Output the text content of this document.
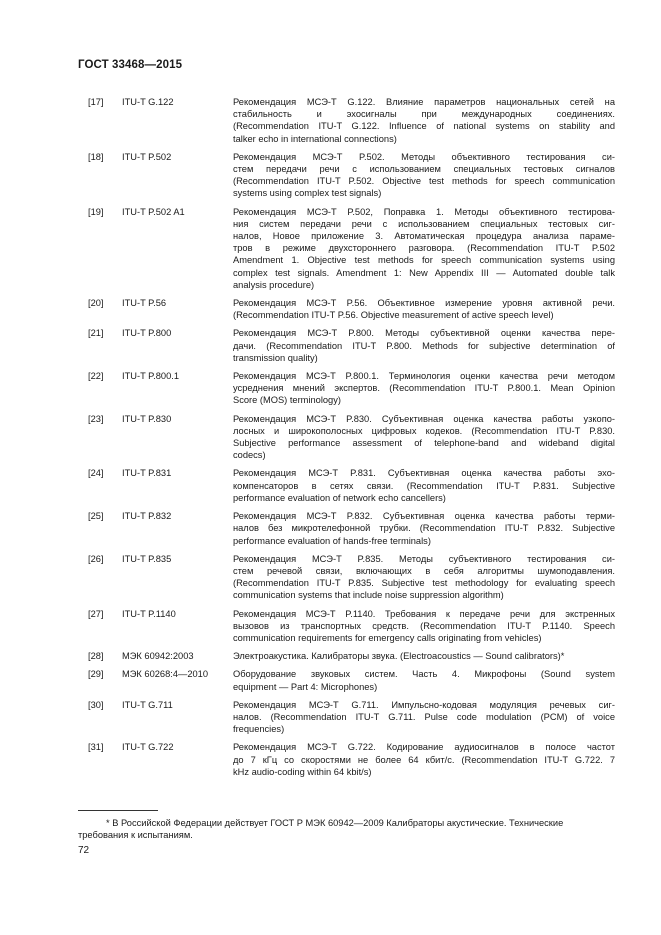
ГОСТ 33468—2015
[17]	ITU-T G.122	Рекомендация МСЭ-Т G.122. Влияние параметров национальных сетей на
стабильность и эхосигналы при международных соединениях.
(Recommendation ITU-T G.122. Influence of national systems on stability and
talker echo in international connections)
[18]	ITU-T P.502	Рекомендация МСЭ-Т P.502. Методы объективного тестирования си-
стем передачи речи с использованием специальных тестовых сигналов
(Recommendation ITU-T P.502. Objective test methods for speech communication
systems using complex test signals)
[19]	ITU-T P.502 A1	Рекомендация МСЭ-Т P.502, Поправка 1. Методы объективного тестирова-
ния систем передачи речи с использованием специальных тестовых сиг-
налов, Новое приложение 3. Автоматическая процедура анализа параме-
тров в режиме двухстороннего разговора. (Recommendation ITU-T P.502
Amendment 1. Objective test methods for speech communication systems using
complex test signals. Amendment 1: New Appendix III — Automated double talk
analysis procedure)
[20]	ITU-T P.56	Рекомендация МСЭ-Т P.56. Объективное измерение уровня активной речи.
(Recommendation ITU-T P.56. Objective measurement of active speech level)
[21]	ITU-T P.800	Рекомендация МСЭ-Т P.800. Методы субъективной оценки качества пере-
дачи. (Recommendation ITU-T P.800. Methods for subjective determination of
transmission quality)
[22]	ITU-T P.800.1	Рекомендация МСЭ-Т P.800.1. Терминология оценки качества речи методом
усреднения мнений экспертов. (Recommendation ITU-T P.800.1. Mean Opinion
Score (MOS) terminology)
[23]	ITU-T P.830	Рекомендация МСЭ-Т P.830. Субъективная оценка качества работы узкопо-
лосных и широкополосных цифровых кодеков. (Recommendation ITU-T P.830.
Subjective performance assessment of telephone-band and wideband digital
codecs)
[24]	ITU-T P.831	Рекомендация МСЭ-Т P.831. Субъективная оценка качества работы эхо-
компенсаторов в сетях связи. (Recommendation ITU-T P.831. Subjective
performance evaluation of network echo cancellers)
[25]	ITU-T P.832	Рекомендация МСЭ-Т P.832. Субъективная оценка качества работы терми-
налов без микротелефонной трубки. (Recommendation ITU-T P.832. Subjective
performance evaluation of hands-free terminals)
[26]	ITU-T P.835	Рекомендация МСЭ-Т P.835. Методы субъективного тестирования си-
стем речевой связи, включающих в себя алгоритмы шумоподавления.
(Recommendation ITU-T P.835. Subjective test methodology for evaluating speech
communication systems that include noise suppression algorithm)
[27]	ITU-T P.1140	Рекомендация МСЭ-Т P.1140. Требования к передаче речи для экстренных
вызовов из транспортных средств. (Recommendation ITU-T P.1140. Speech
communication requirements for emergency calls originating from vehicles)
[28]	МЭК 60942:2003	Электроакустика. Калибраторы звука. (Electroacoustics — Sound calibrators)*
[29]	МЭК 60268:4—2010	Оборудование звуковых систем. Часть 4. Микрофоны (Sound system
equipment — Part 4: Microphones)
[30]	ITU-T G.711	Рекомендация МСЭ-Т G.711. Импульсно-кодовая модуляция речевых сиг-
налов. (Recommendation ITU-T G.711. Pulse code modulation (PCM) of voice
frequencies)
[31]	ITU-T G.722	Рекомендация МСЭ-Т G.722. Кодирование аудиосигналов в полосе частот
до 7 кГц со скоростями не более 64 кбит/с. (Recommendation ITU-T G.722. 7
kHz audio-coding within 64 kbit/s)
* В Российской Федерации действует ГОСТ Р МЭК 60942—2009 Калибраторы акустические. Технические
требования к испытаниям.
72
